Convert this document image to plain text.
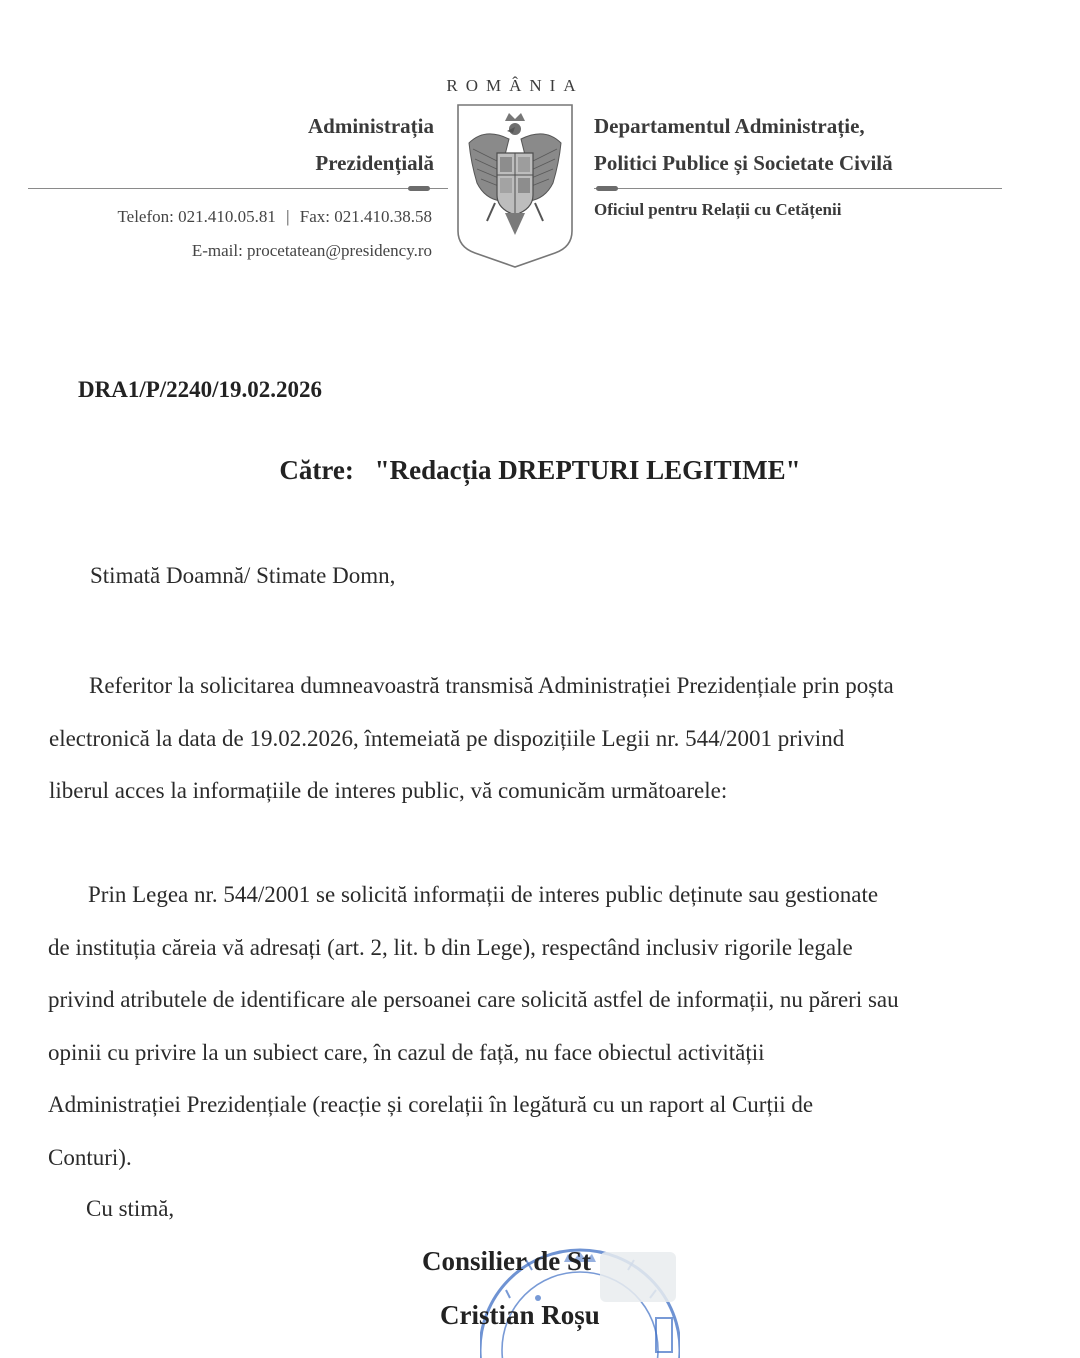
ROMÂNIA
Administrația
Prezidențială
Departamentul Administrație,
Politici Publice și Societate Civilă
Telefon: 021.410.05.81 | Fax: 021.410.38.58
E-mail: procetatean@presidency.ro
Oficiul pentru Relații cu Cetățenii
DRA1/P/2240/19.02.2026
Către: "Redacția DREPTURI LEGITIME"
Stimată Doamnă/ Stimate Domn,
Referitor la solicitarea dumneavoastră transmisă Administrației Prezidențiale prin poșta
electronică la data de 19.02.2026, întemeiată pe dispozițiile Legii nr. 544/2001 privind
liberul acces la informațiile de interes public, vă comunicăm următoarele:
Prin Legea nr. 544/2001 se solicită informații de interes public deținute sau gestionate
de instituția căreia vă adresați (art. 2, lit. b din Lege), respectând inclusiv rigorile legale
privind atributele de identificare ale persoanei care solicită astfel de informații, nu păreri sau
opinii cu privire la un subiect care, în cazul de față, nu face obiectul activității
Administrației Prezidențiale (reacție și corelații în legătură cu un raport al Curții de
Conturi).
Cu stimă,
Consilier de St
Cristian Roșu
